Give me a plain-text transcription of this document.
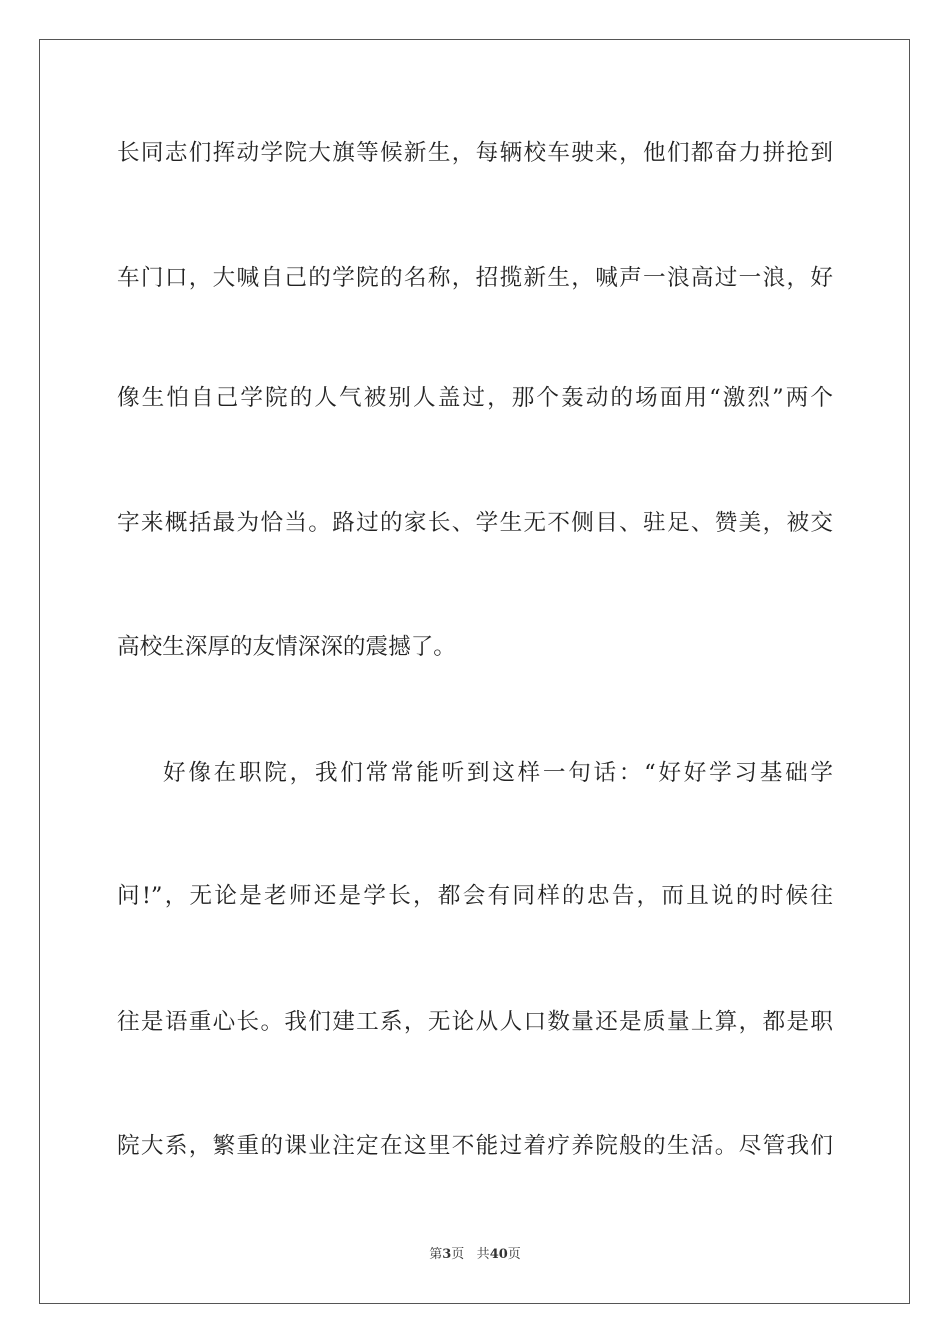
长同志们挥动学院大旗等候新生，每辆校车驶来，他们都奋力拼抢到
车门口，大喊自己的学院的名称，招揽新生，喊声一浪高过一浪，好
像生怕自己学院的人气被别人盖过，那个轰动的场面用“激烈”两个
字来概括最为恰当。路过的家长、学生无不侧目、驻足、赞美，被交
高校生深厚的友情深深的震撼了。
好像在职院，我们常常能听到这样一句话：“好好学习基础学
问!”，无论是老师还是学长，都会有同样的忠告，而且说的时候往
往是语重心长。我们建工系，无论从人口数量还是质量上算，都是职
院大系，繁重的课业注定在这里不能过着疗养院般的生活。尽管我们
第3页 共40页
